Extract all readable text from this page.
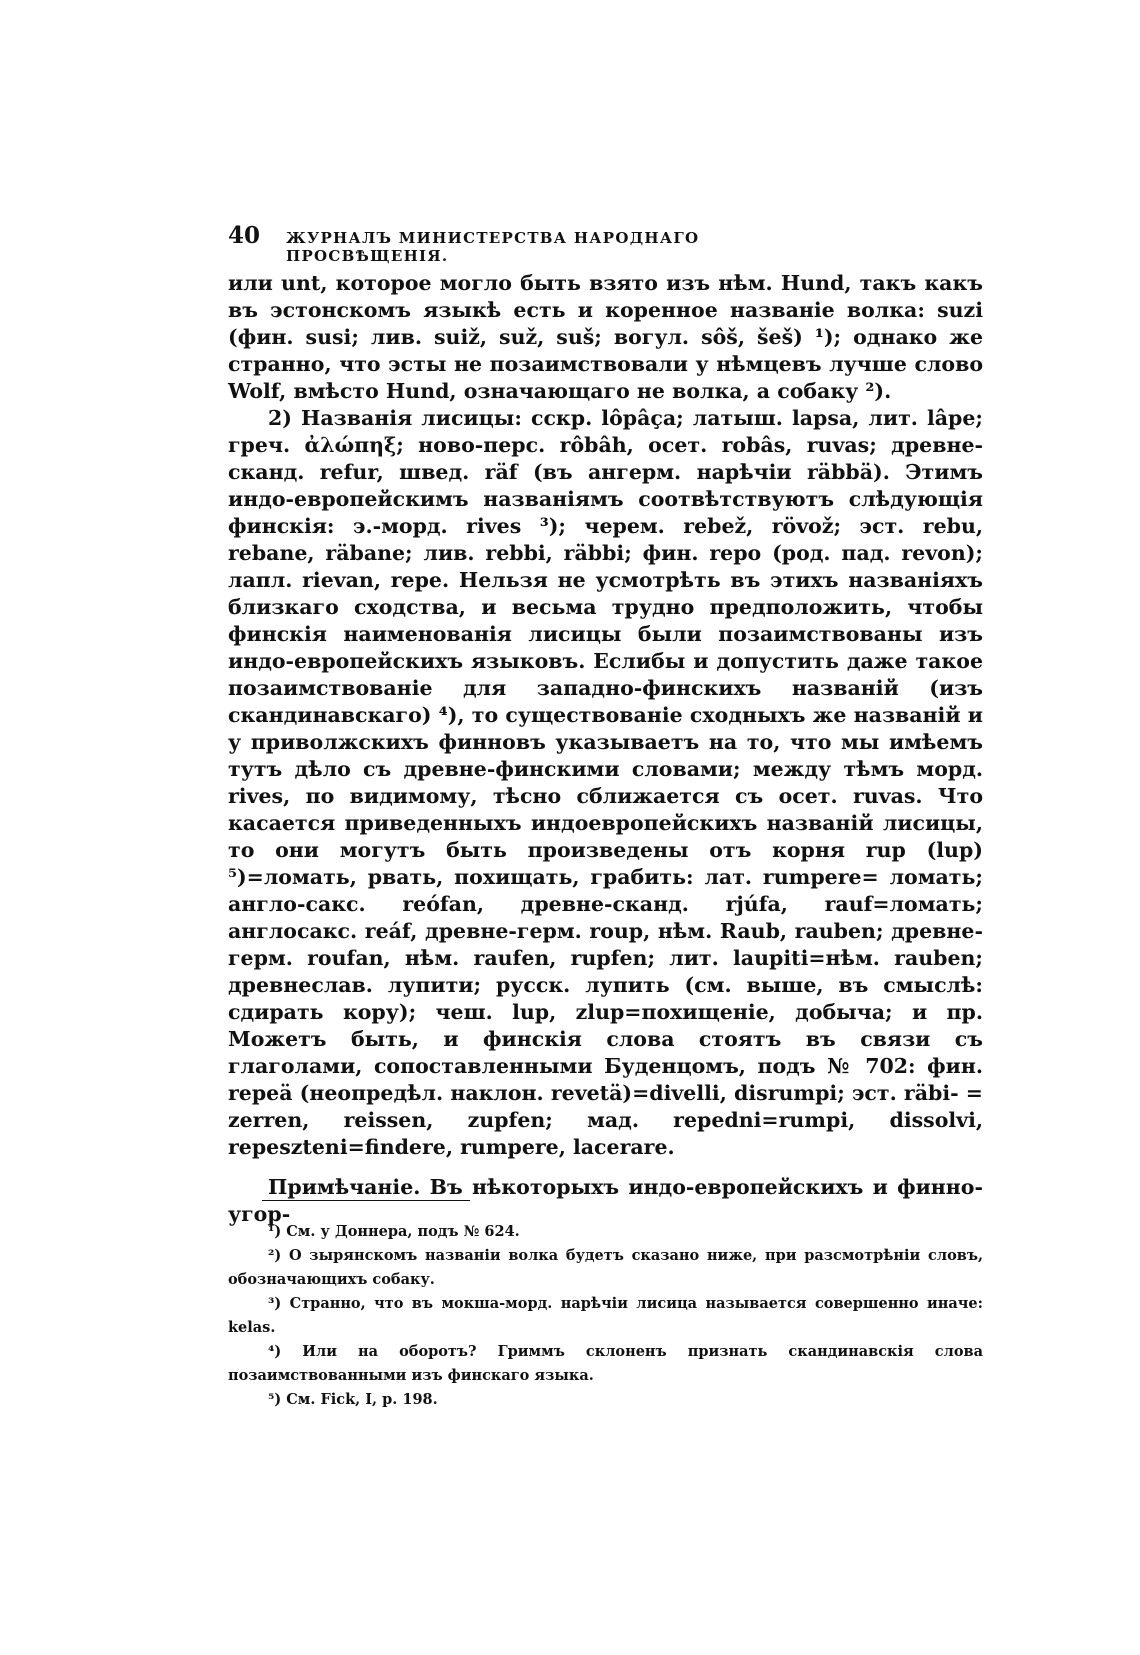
40 ЖУРНАЛЪ МИНИСТЕРСТВА НАРОДНАГО ПРОСВѢЩЕНІЯ.

или unt, которое могло быть взято изъ нѣм. Hund, такъ какъ въ эстонскомъ языкѣ есть и коренное названіе волка: suzi (фин. susi; лив. suiž, suž, suš; вогул. sôš, šeš) ¹); однако же странно, что эсты не позаимствовали у нѣмцевъ лучше слово Wolf, вмѣсто Hund, означающаго не волка, а собаку ²).

2) Названія лисицы: сскр. lôpâça; латыш. lapsa, лит. lâpe; греч. ἀλώπηξ; ново-перс. rôbâh, осет. robâs, ruvas; древне-сканд. refur, швед. räf (въ ангерм. нарѣчіи räbbä). Этимъ индо-европейскимъ названіямъ соотвѣтствуютъ слѣдующія финскія: э.-морд. rives ³); черем. rebež, rövož; эст. rebu, rebane, räbane; лив. rebbi, räbbi; фин. repo (род. пад. revon); лапл. rievan, repe. Нельзя не усмотрѣть въ этихъ названіяхъ близкаго сходства, и весьма трудно предположить, чтобы финскія наименованія лисицы были позаимствованы изъ индо-европейскихъ языковъ. Еслибы и допустить даже такое позаимствованіе для западно-финскихъ названій (изъ скандинавскаго) ⁴), то существованіе сходныхъ же названій и у приволжскихъ финновъ указываетъ на то, что мы имѣемъ тутъ дѣло съ древне-финскими словами; между тѣмъ морд. rives, по видимому, тѣсно сближается съ осет. ruvas. Что касается приведенныхъ индоевропейскихъ названій лисицы, то они могутъ быть произведены отъ корня rup (lup) ⁵)=ломать, рвать, похищать, грабить: лат. rumpere= ломать; англо-сакс. reófan, древне-сканд. rjúfa, rauf=ломать; англосакс. reáf, древне-герм. roup, нѣм. Raub, rauben; древне-герм. roufan, нѣм. raufen, rupfen; лит. laupiti=нѣм. rauben; древнеслав. лупити; русск. лупить (см. выше, въ смыслѣ: сдирать кору); чеш. lup, zlup=похищеніе, добыча; и пр. Можетъ быть, и финскія слова стоятъ въ связи съ глаголами, сопоставленными Буденцомъ, подъ № 702: фин. repeä (неопредѣл. наклон. revetä)=divelli, disrumpi; эст. räbi- = zerren, reissen, zupfen; мад. repedni=rumpi, dissolvi, repeszteni=findere, rumpere, lacerare.

Примѣчаніе. Въ нѣкоторыхъ индо-европейскихъ и финно-угор-

¹) См. у Доннера, подъ № 624.

²) О зырянскомъ названіи волка будетъ сказано ниже, при разсмотрѣніи словъ, обозначающихъ собаку.

³) Странно, что въ мокша-морд. нарѣчіи лисица называется совершенно иначе: kelas.

⁴) Или на оборотъ? Гриммъ склоненъ признать скандинавскія слова позаимствованными изъ финскаго языка.

⁵) См. Fick, I, p. 198.
